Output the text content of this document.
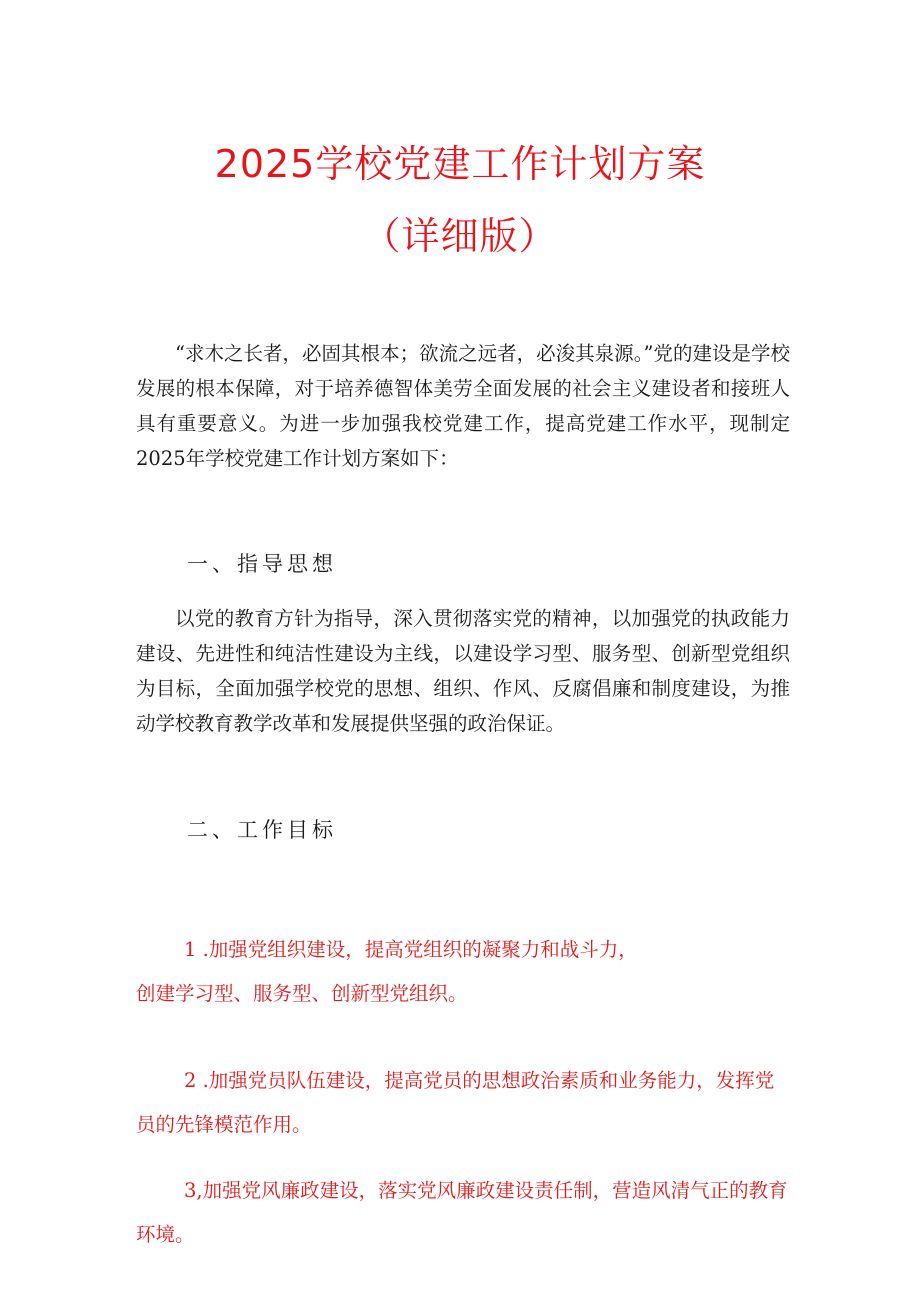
2025学校党建工作计划方案
（详细版）

“求木之长者，必固其根本；欲流之远者，必浚其泉源。”党的建设是学校发展的根本保障，对于培养德智体美劳全面发展的社会主义建设者和接班人具有重要意义。为进一步加强我校党建工作，提高党建工作水平，现制定2025年学校党建工作计划方案如下：

一、指导思想

以党的教育方针为指导，深入贯彻落实党的精神，以加强党的执政能力建设、先进性和纯洁性建设为主线，以建设学习型、服务型、创新型党组织为目标，全面加强学校党的思想、组织、作风、反腐倡廉和制度建设，为推动学校教育教学改革和发展提供坚强的政治保证。

二、工作目标

1 .加强党组织建设，提高党组织的凝聚力和战斗力，
创建学习型、服务型、创新型党组织。

2 .加强党员队伍建设，提高党员的思想政治素质和业务能力，发挥党
员的先锋模范作用。

3,加强党风廉政建设，落实党风廉政建设责任制，营造风清气正的教育
环境。
